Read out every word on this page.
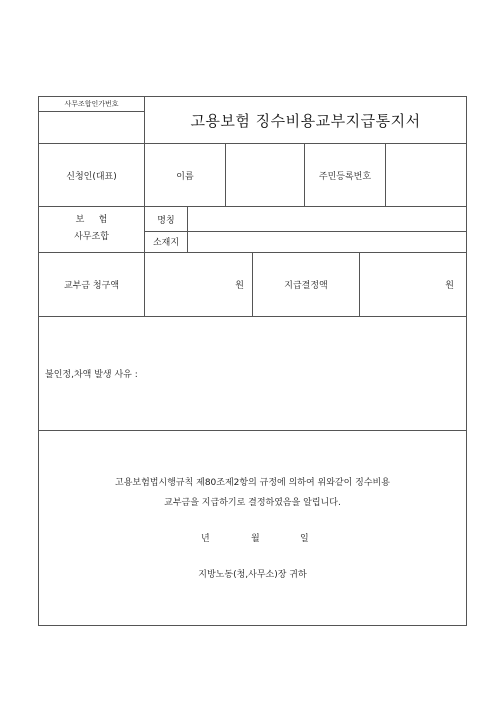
사무조합인가번호
고용보험 징수비용교부지급통지서
신청인(대표)	이름	주민등록번호
보     험
사무조합
명칭
소재지
교부금 청구액	원	지급결정액	원
불인정,차액 발생 사유 :
고용보험법시행규칙 제80조제2항의 규정에 의하여 위와같이 징수비용
교부금을 지급하기로 결정하였음을 알립니다.
년	월	일
지방노동(청,사무소)장 귀하
